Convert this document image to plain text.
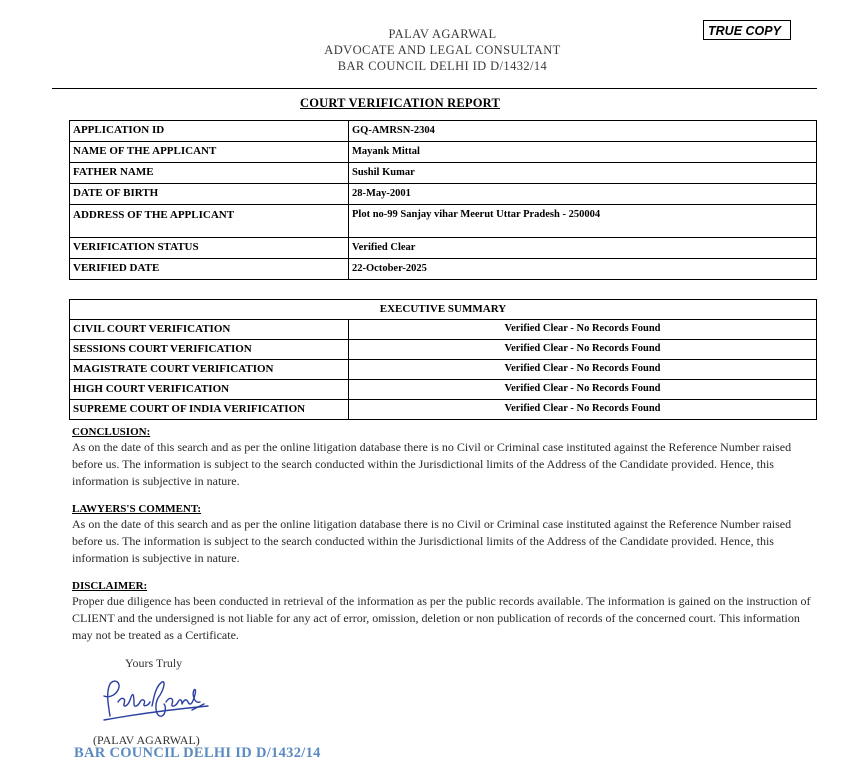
PALAV AGARWAL
ADVOCATE AND LEGAL CONSULTANT
BAR COUNCIL DELHI ID D/1432/14
TRUE COPY
COURT VERIFICATION REPORT
APPLICATION ID	GQ-AMRSN-2304
NAME OF THE APPLICANT	Mayank Mittal
FATHER NAME	Sushil Kumar
DATE OF BIRTH	28-May-2001
ADDRESS OF THE APPLICANT	Plot no-99 Sanjay vihar Meerut Uttar Pradesh - 250004
VERIFICATION STATUS	Verified Clear
VERIFIED DATE	22-October-2025
EXECUTIVE SUMMARY	
CIVIL COURT VERIFICATION	Verified Clear - No Records Found
SESSIONS COURT VERIFICATION	Verified Clear - No Records Found
MAGISTRATE COURT VERIFICATION	Verified Clear - No Records Found
HIGH COURT VERIFICATION	Verified Clear - No Records Found
SUPREME COURT OF INDIA VERIFICATION	Verified Clear - No Records Found
CONCLUSION:
As on the date of this search and as per the online litigation database there is no Civil or Criminal case instituted against the Reference Number raised before us. The information is subject to the search conducted within the Jurisdictional limits of the Address of the Candidate provided. Hence, this information is subjective in nature.
LAWYERS'S COMMENT:
As on the date of this search and as per the online litigation database there is no Civil or Criminal case instituted against the Reference Number raised before us. The information is subject to the search conducted within the Jurisdictional limits of the Address of the Candidate provided. Hence, this information is subjective in nature.
DISCLAIMER:
Proper due diligence has been conducted in retrieval of the information as per the public records available. The information is gained on the instruction of CLIENT and the undersigned is not liable for any act of error, omission, deletion or non publication of records of the concerned court. This information may not be treated as a Certificate.
Yours Truly
(PALAV AGARWAL)
BAR COUNCIL DELHI ID D/1432/14
